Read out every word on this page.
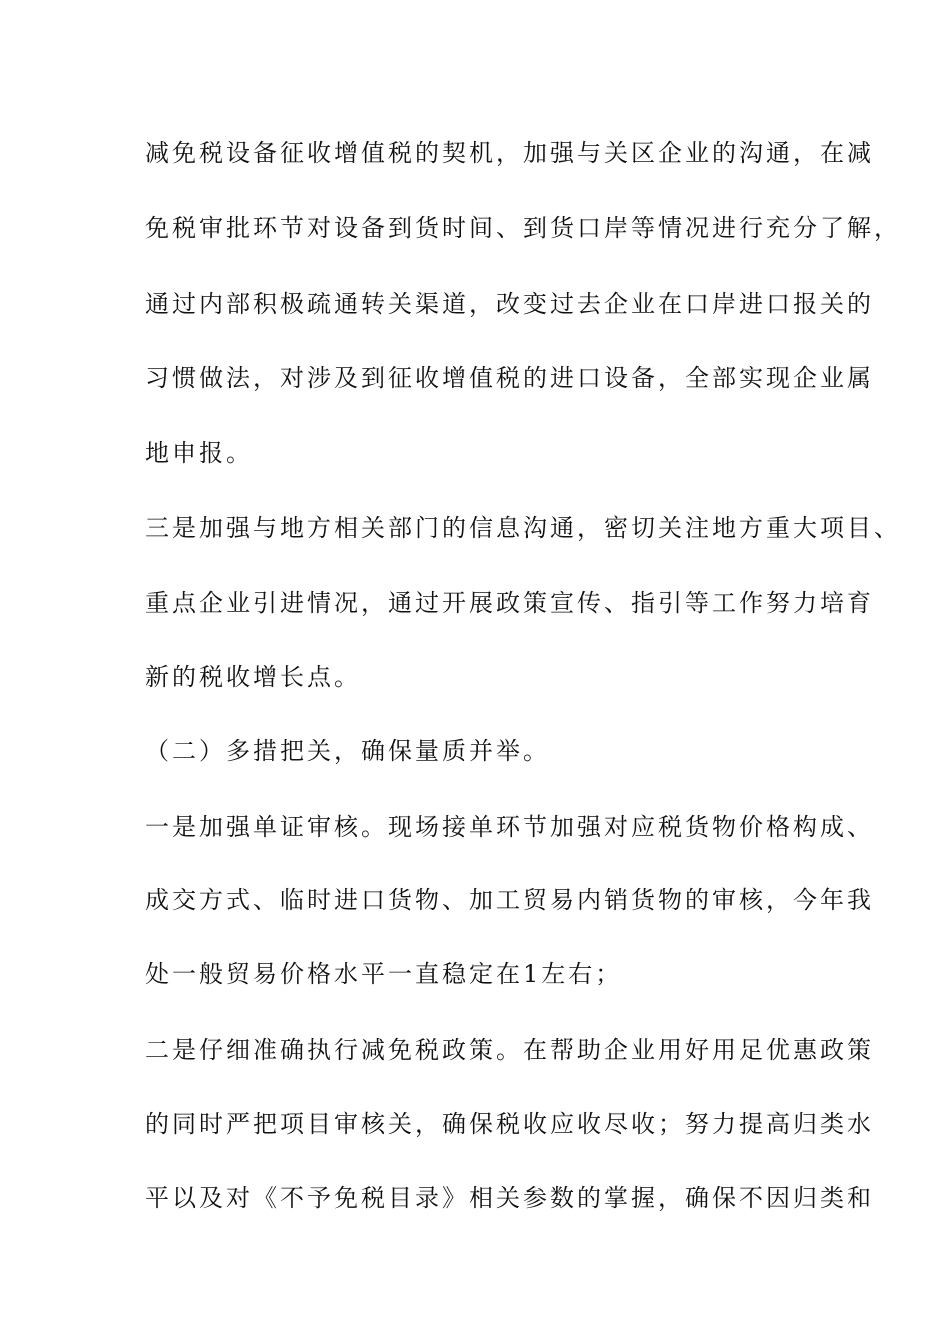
减免税设备征收增值税的契机，加强与关区企业的沟通，在减
免税审批环节对设备到货时间、到货口岸等情况进行充分了解，
通过内部积极疏通转关渠道，改变过去企业在口岸进口报关的
习惯做法，对涉及到征收增值税的进口设备，全部实现企业属
地申报。
三是加强与地方相关部门的信息沟通，密切关注地方重大项目、
重点企业引进情况，通过开展政策宣传、指引等工作努力培育
新的税收增长点。
（二）多措把关，确保量质并举。
一是加强单证审核。现场接单环节加强对应税货物价格构成、
成交方式、临时进口货物、加工贸易内销货物的审核，今年我
处一般贸易价格水平一直稳定在1左右；
二是仔细准确执行减免税政策。在帮助企业用好用足优惠政策
的同时严把项目审核关，确保税收应收尽收；努力提高归类水
平以及对《不予免税目录》相关参数的掌握，确保不因归类和
